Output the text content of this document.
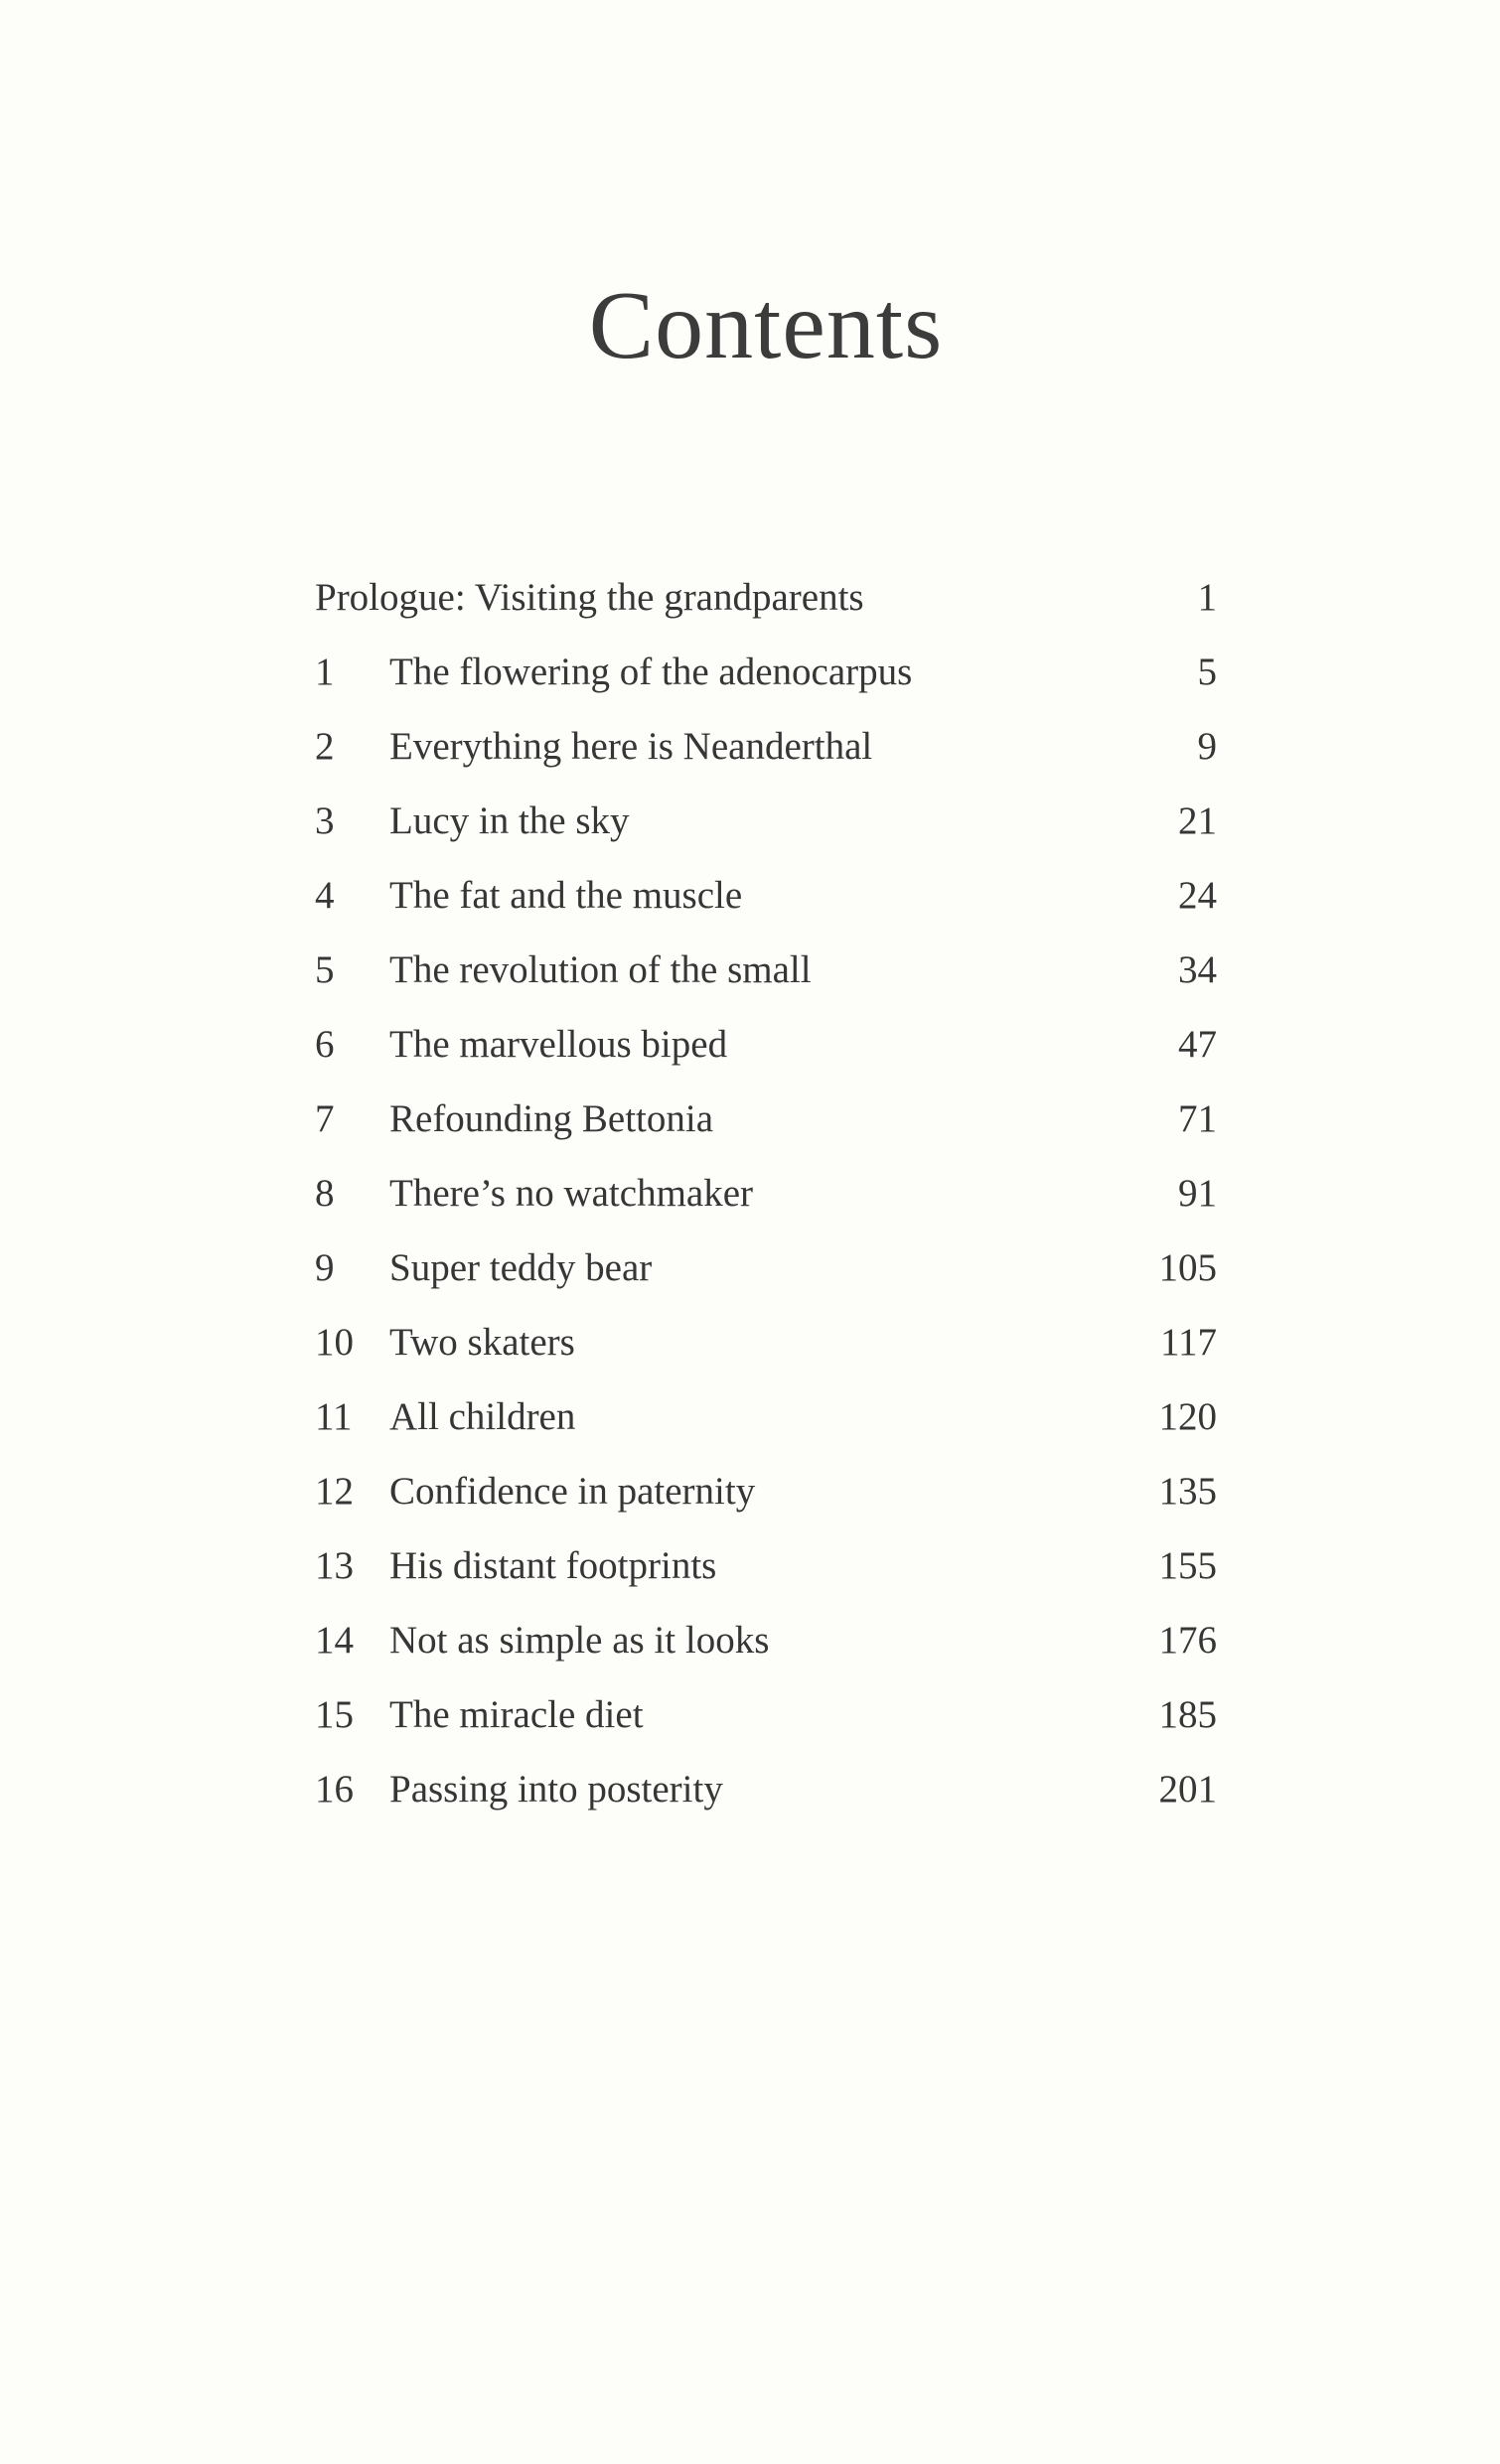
Contents
Prologue: Visiting the grandparents	1
1 The flowering of the adenocarpus	5
2 Everything here is Neanderthal	9
3 Lucy in the sky	21
4 The fat and the muscle	24
5 The revolution of the small	34
6 The marvellous biped	47
7 Refounding Bettonia	71
8 There’s no watchmaker	91
9 Super teddy bear	105
10 Two skaters	117
11 All children	120
12 Confidence in paternity	135
13 His distant footprints	155
14 Not as simple as it looks	176
15 The miracle diet	185
16 Passing into posterity	201
